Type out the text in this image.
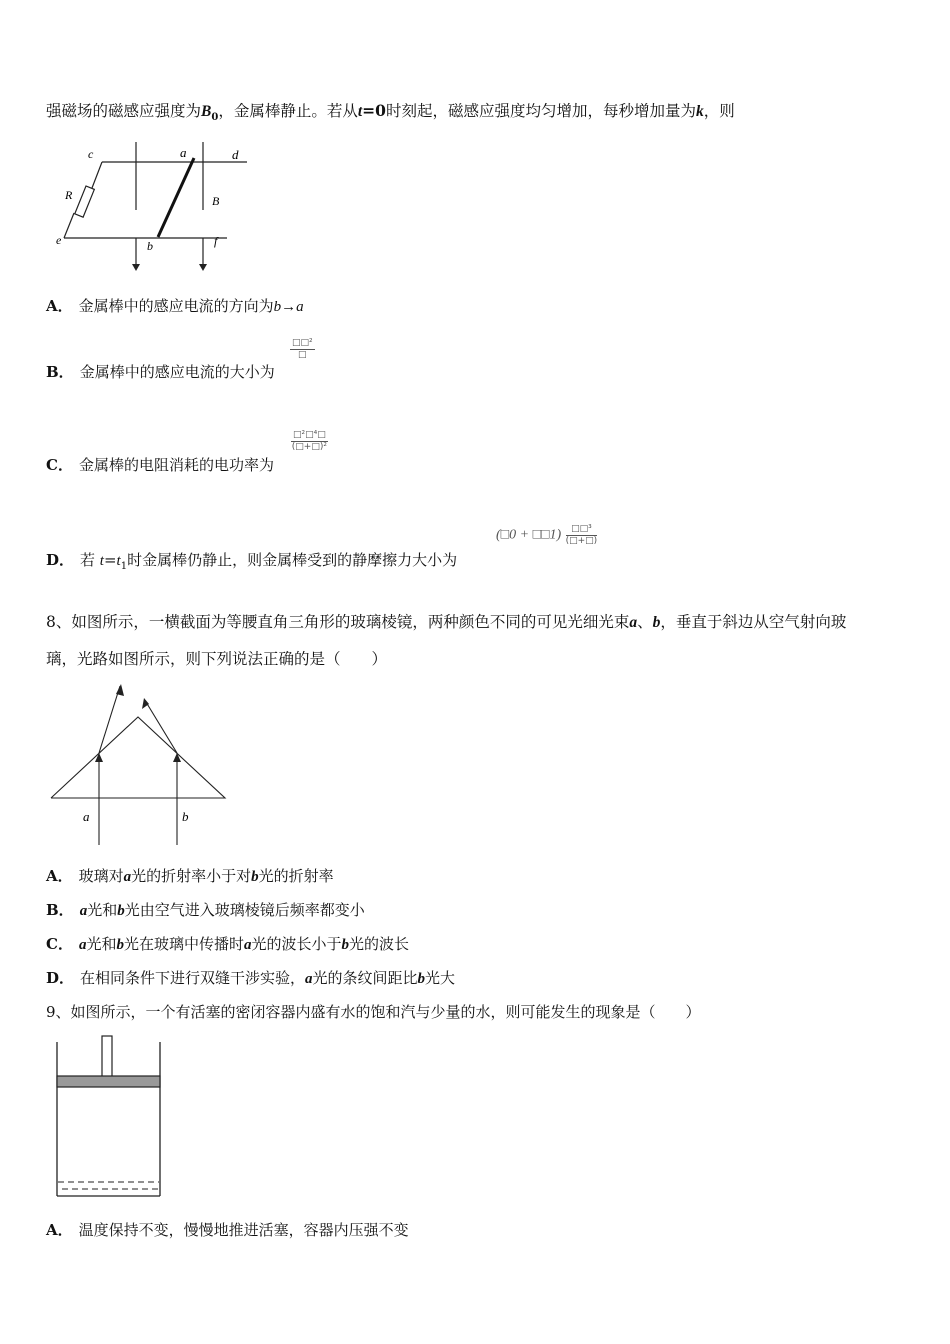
强磁场的磁感应强度为$B_0$，金属棒静止。若从t=0时刻起，磁感应强度均匀增加，每秒增加量为k，则
c	a	d
R	B
e	b	f
A． 金属棒中的感应电流的方向为b→a
B． 金属棒中的感应电流的大小为
$\frac{\text{□□²}}{□}$
C． 金属棒的电阻消耗的电功率为
$\frac{\text{□²□⁴□}}{\text{(□+□)²}}$
D． 若 $t=t_1$时金属棒仍静止，则金属棒受到的静摩擦力大小为
(□0 + □□1) $\frac{\text{□□³}}{(□+□)}$
8、如图所示，一横截面为等腰直角三角形的玻璃棱镜，两种颜色不同的可见光细光束a、b，垂直于斜边从空气射向玻
璃，光路如图所示，则下列说法正确的是（　　）
a	b
A． 玻璃对a光的折射率小于对b光的折射率
B． a光和b光由空气进入玻璃棱镜后频率都变小
C． a光和b光在玻璃中传播时a光的波长小于b光的波长
D． 在相同条件下进行双缝干涉实验，a光的条纹间距比b光大
9、如图所示，一个有活塞的密闭容器内盛有水的饱和汽与少量的水，则可能发生的现象是（　　）
A． 温度保持不变，慢慢地推进活塞，容器内压强不变
